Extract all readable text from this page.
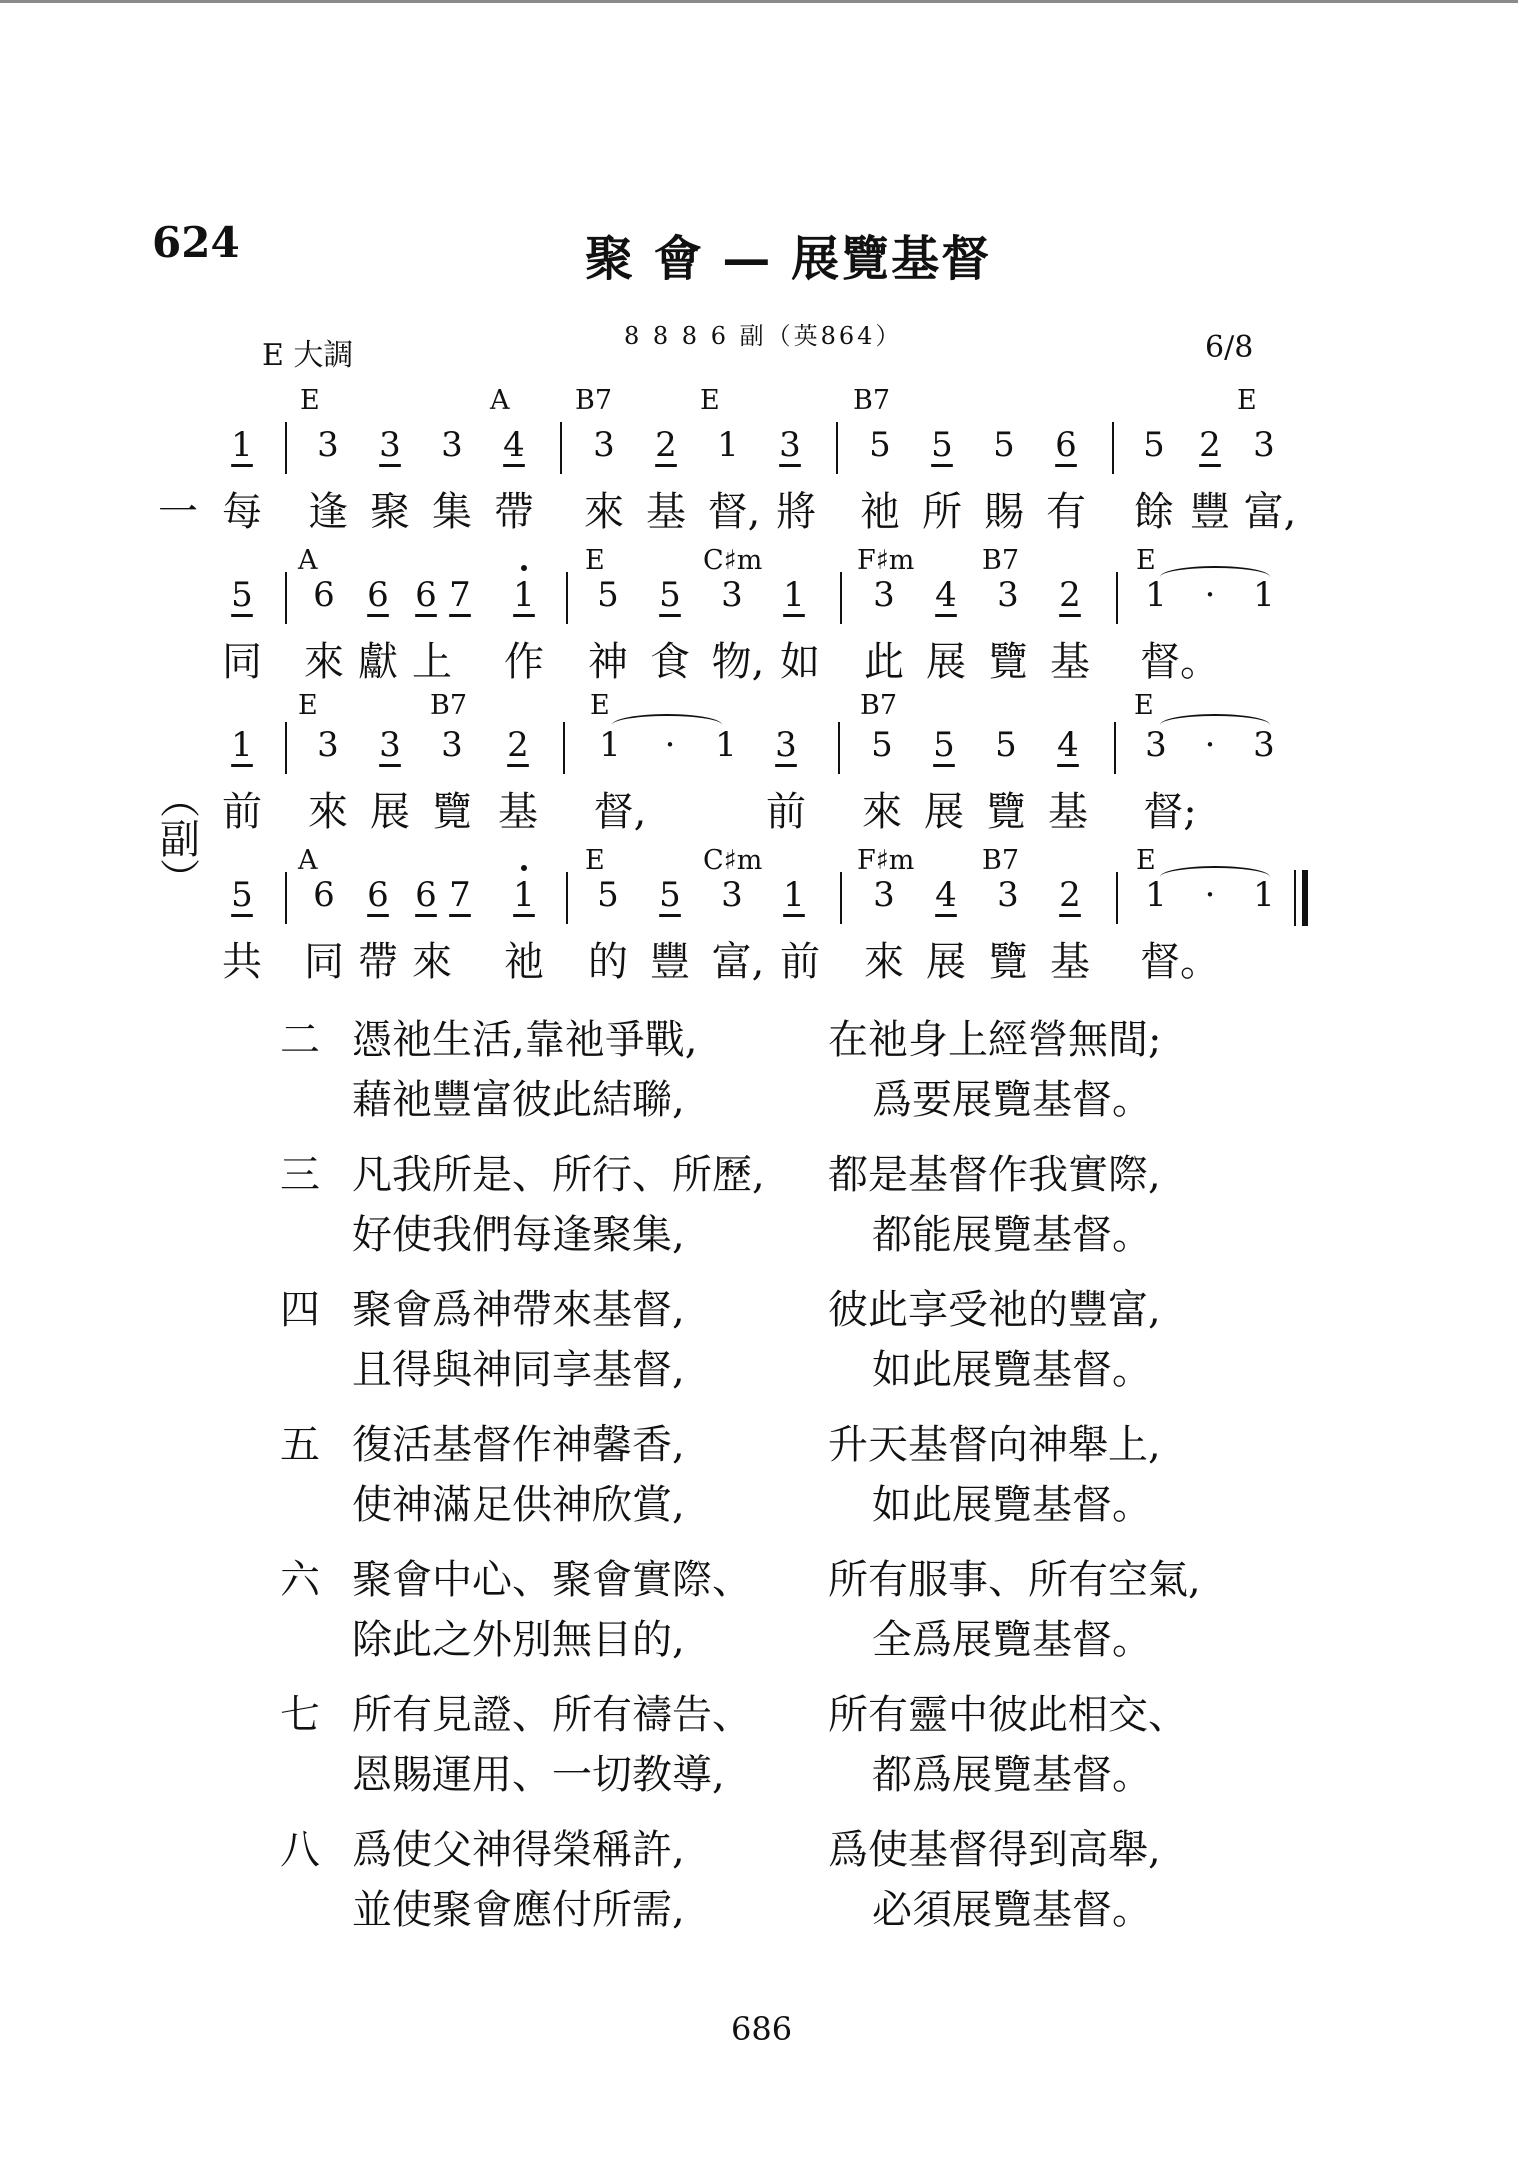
624	聚 會 — 展覽基督
8 8 8 6 副（英864）
E 大調	6/8
E	A B7	E	B7	E
1 3 3 3 4 3 2 1 3 5 5 5 6 5 2 3
一 每 逢 聚 集 帶 來 基 督, 將 祂 所 賜 有 餘 豐 富,
A	E	C♯m	F♯m	B7	E
5 6 6 6 7 1 5 5 3 1 3 4 3 2 1	·	1
同 來 獻 上 作 神 食 物, 如 此 展 覽 基 督。
E	B7	E	B7	E
1 3 3 3 2 1	·	1 3 5 5 5 4 3	·	3
︵
副
︶
前 來 展 覽 基 督,	前 來 展 覽 基 督;
A	E	C♯m	F♯m	B7	E
5 6 6 6 7 1 5 5 3 1 3 4 3 2 1	·	1
共 同 帶 來 祂 的 豐 富, 前 來 展 覽 基 督。
二 憑祂生活,靠祂爭戰,	在祂身上經營無間;
藉祂豐富彼此結聯,	爲要展覽基督。
三 凡我所是、所行、所歷, 都是基督作我實際,
好使我們每逢聚集,	都能展覽基督。
四 聚會爲神帶來基督,	彼此享受祂的豐富,
且得與神同享基督,	如此展覽基督。
五 復活基督作神馨香,	升天基督向神舉上,
使神滿足供神欣賞,	如此展覽基督。
六 聚會中心、聚會實際、 所有服事、所有空氣,
除此之外別無目的,	全爲展覽基督。
七 所有見證、所有禱告、 所有靈中彼此相交、
恩賜運用、一切教導,	都爲展覽基督。
八 爲使父神得榮稱許,	爲使基督得到高舉,
並使聚會應付所需,	必須展覽基督。
686
